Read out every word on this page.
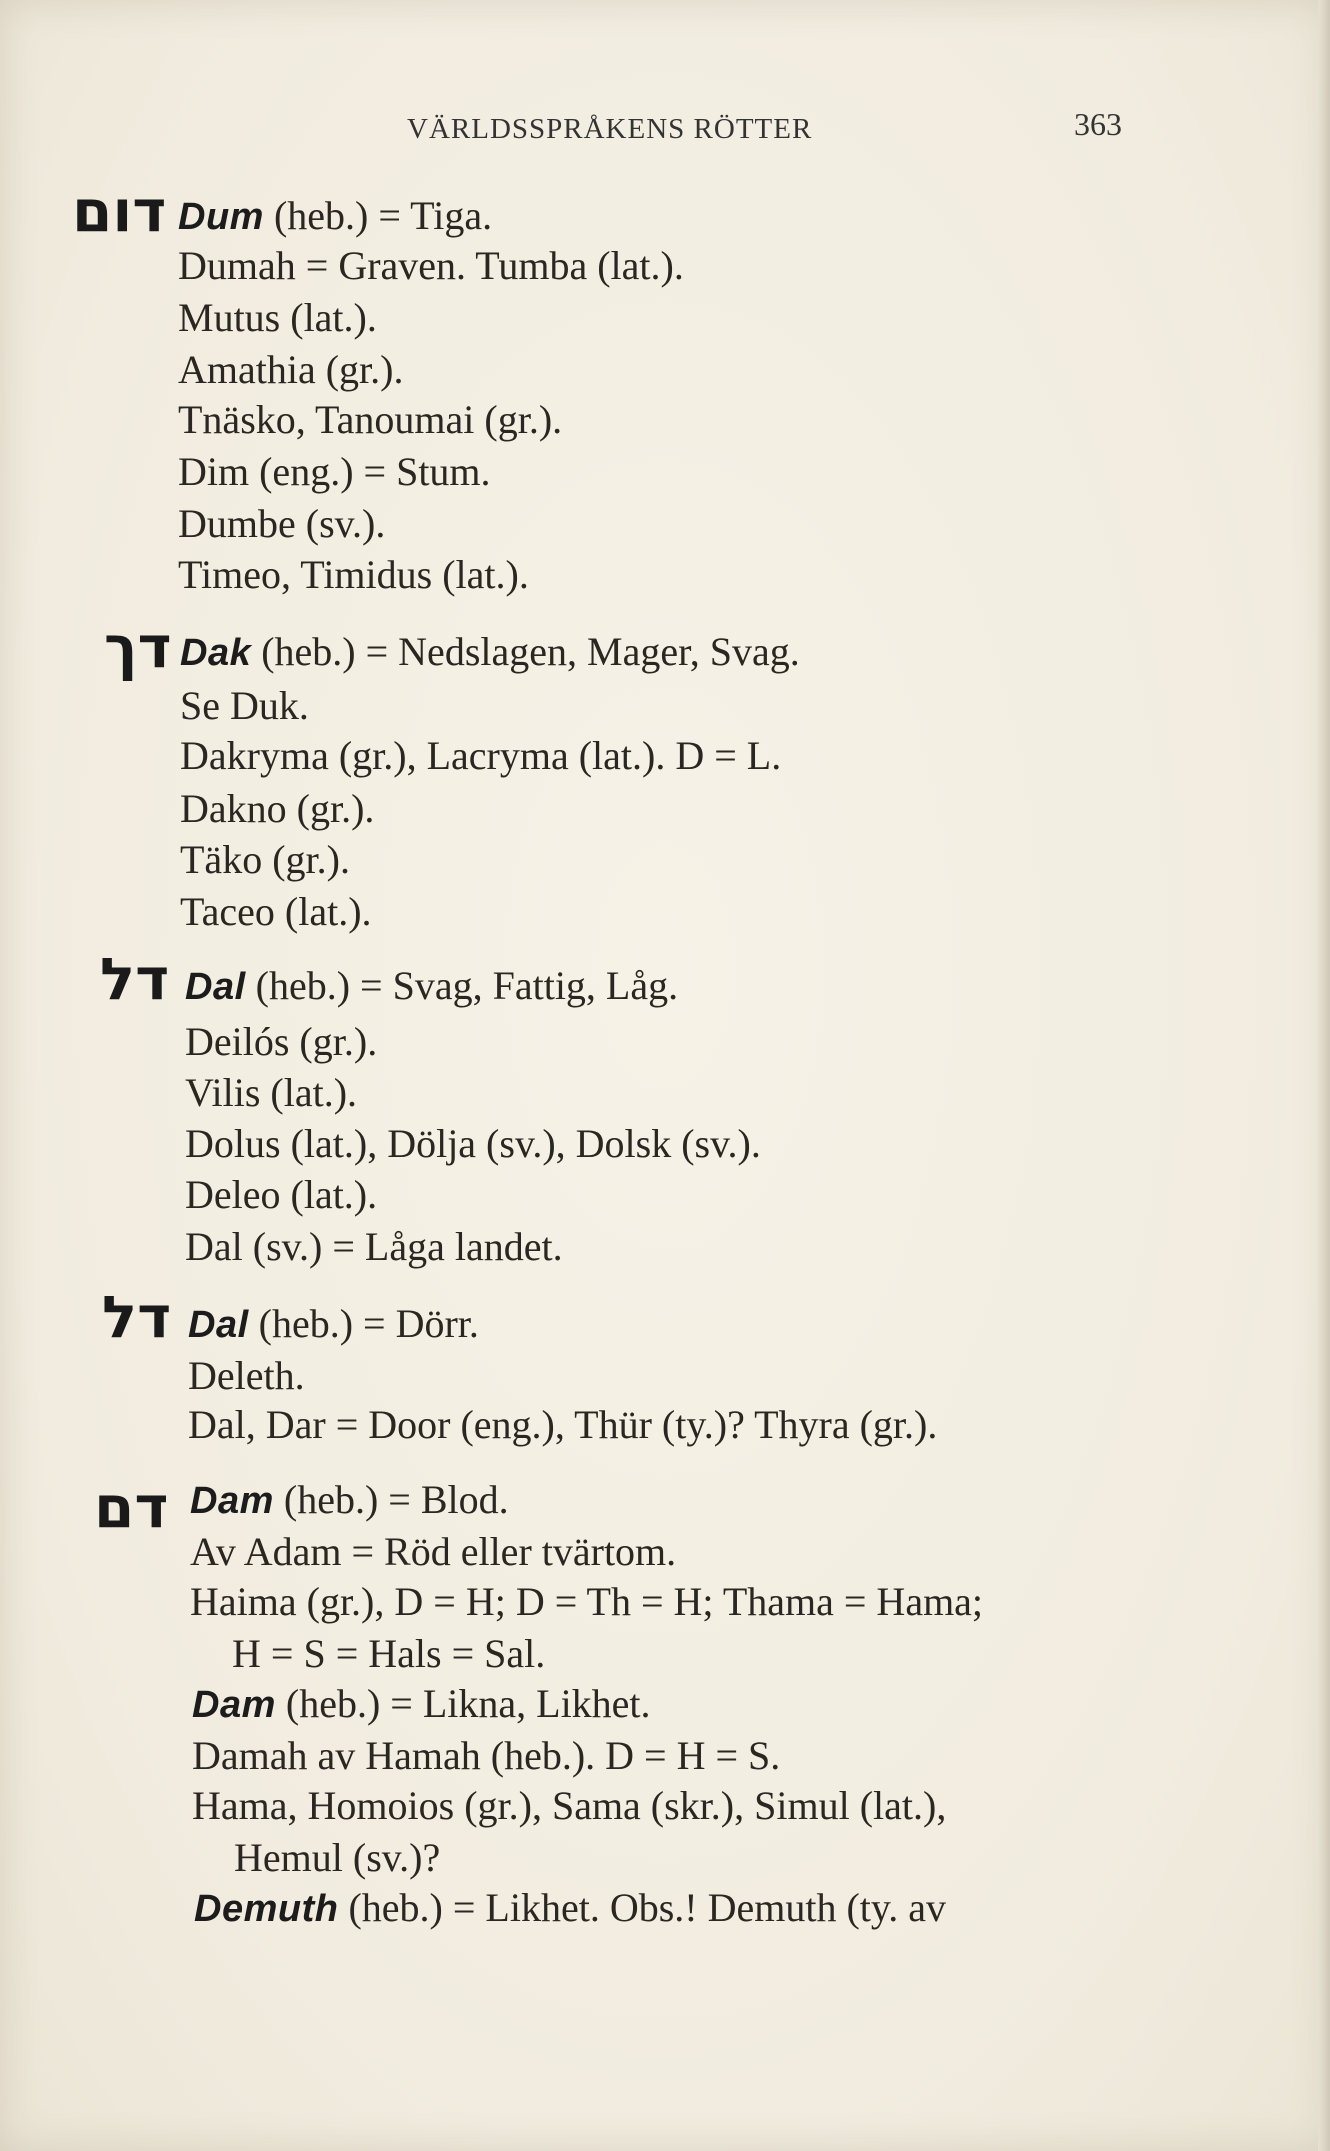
VÄRLDSSPRÅKENS RÖTTER	363
דום Dum (heb.) = Tiga.
Dumah = Graven. Tumba (lat.).
Mutus (lat.).
Amathia (gr.).
Tnäsko, Tanoumai (gr.).
Dim (eng.) = Stum.
Dumbe (sv.).
Timeo, Timidus (lat.).
דך Dak (heb.) = Nedslagen, Mager, Svag.
Se Duk.
Dakryma (gr.), Lacryma (lat.). D = L.
Dakno (gr.).
Täko (gr.).
Taceo (lat.).
דל Dal (heb.) = Svag, Fattig, Låg.
Deilós (gr.).
Vilis (lat.).
Dolus (lat.), Dölja (sv.), Dolsk (sv.).
Deleo (lat.).
Dal (sv.) = Låga landet.
דל Dal (heb.) = Dörr.
Deleth.
Dal, Dar = Door (eng.), Thür (ty.)? Thyra (gr.).
דם Dam (heb.) = Blod.
Av Adam = Röd eller tvärtom.
Haima (gr.), D = H; D = Th = H; Thama = Hama;
H = S = Hals = Sal.
Dam (heb.) = Likna, Likhet.
Damah av Hamah (heb.). D = H = S.
Hama, Homoios (gr.), Sama (skr.), Simul (lat.),
Hemul (sv.)?
Demuth (heb.) = Likhet. Obs.! Demuth (ty. av
